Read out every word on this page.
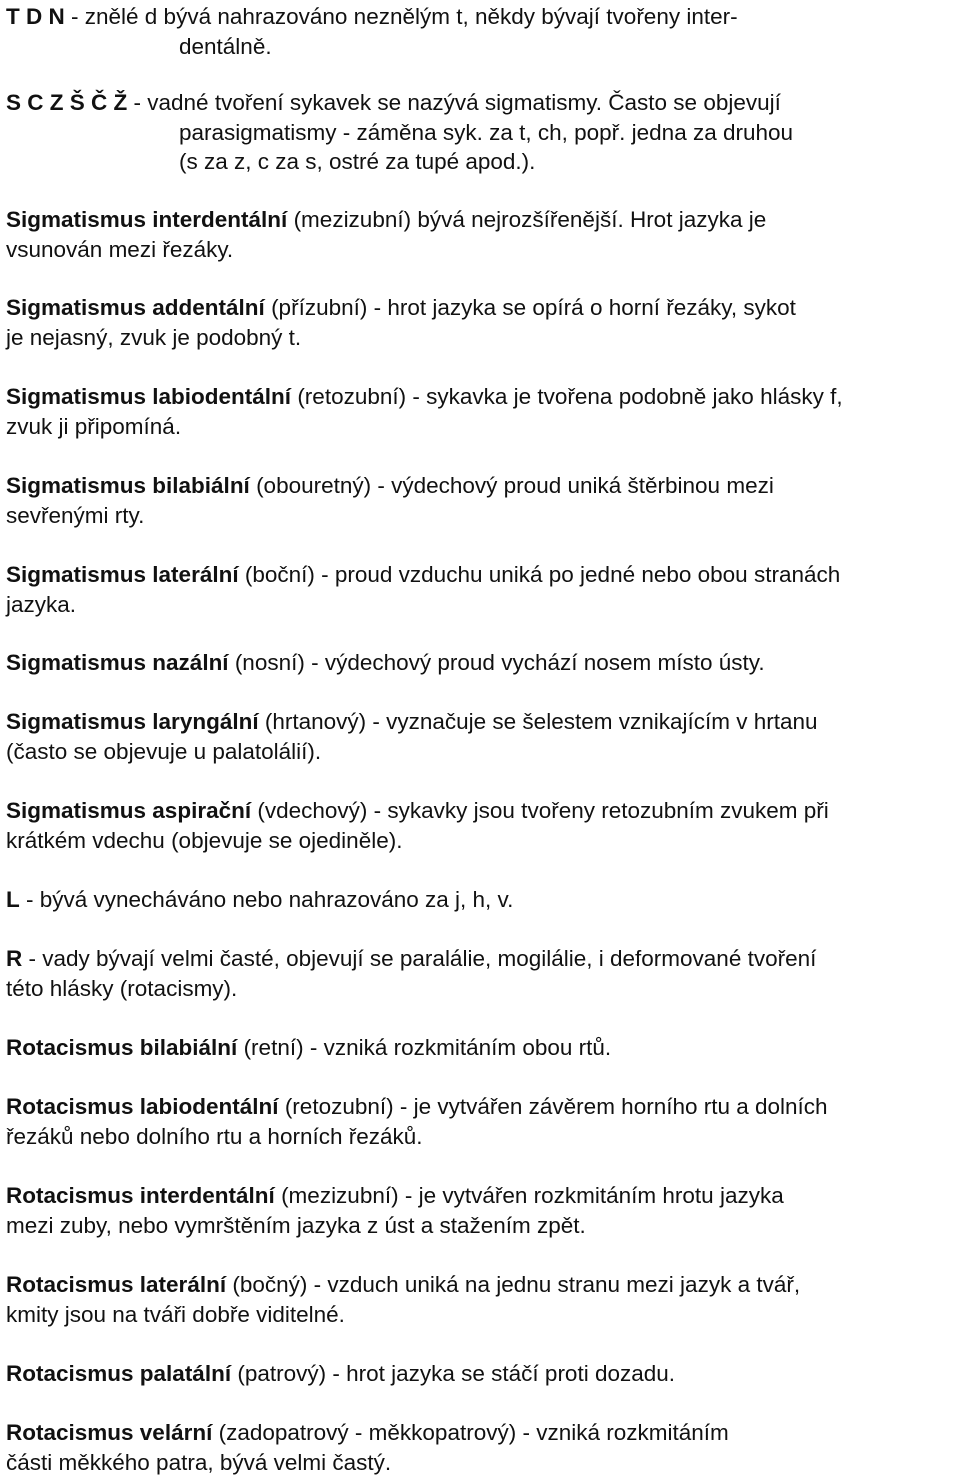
T D N - znělé d bývá nahrazováno neznělým t, někdy bývají tvořeny inter-
dentálně.
S C Z Š Č Ž - vadné tvoření sykavek se nazývá sigmatismy. Často se objevují
parasigmatismy - záměna syk. za t, ch, popř. jedna za druhou
(s za z, c za s, ostré za tupé apod.).
Sigmatismus interdentální (mezizubní) bývá nejrozšířenější. Hrot jazyka je
vsunován mezi řezáky.
Sigmatismus addentální (přízubní) - hrot jazyka se opírá o horní řezáky, sykot
je nejasný, zvuk je podobný t.
Sigmatismus labiodentální (retozubní) - sykavka je tvořena podobně jako hlásky f,
zvuk ji připomíná.
Sigmatismus bilabiální (obouretný) - výdechový proud uniká štěrbinou mezi
sevřenými rty.
Sigmatismus laterální (boční) - proud vzduchu uniká po jedné nebo obou stranách
jazyka.
Sigmatismus nazální (nosní) - výdechový proud vychází nosem místo ústy.
Sigmatismus laryngální (hrtanový) - vyznačuje se šelestem vznikajícím v hrtanu
(často se objevuje u palatolálií).
Sigmatismus aspirační (vdechový) - sykavky jsou tvořeny retozubním zvukem při
krátkém vdechu (objevuje se ojediněle).
L - bývá vynecháváno nebo nahrazováno za j, h, v.
R - vady bývají velmi časté, objevují se paralálie, mogilálie, i deformované tvoření
této hlásky (rotacismy).
Rotacismus bilabiální (retní) - vzniká rozkmitáním obou rtů.
Rotacismus labiodentální (retozubní) - je vytvářen závěrem horního rtu a dolních
řezáků nebo dolního rtu a horních řezáků.
Rotacismus interdentální (mezizubní) - je vytvářen rozkmitáním hrotu jazyka
mezi zuby, nebo vymrštěním jazyka z úst a stažením zpět.
Rotacismus laterální (bočný) - vzduch uniká na jednu stranu mezi jazyk a tvář,
kmity jsou na tváři dobře viditelné.
Rotacismus palatální (patrový) - hrot jazyka se stáčí proti dozadu.
Rotacismus velární (zadopatrový - měkkopatrový) - vzniká rozkmitáním
části měkkého patra, bývá velmi častý.
